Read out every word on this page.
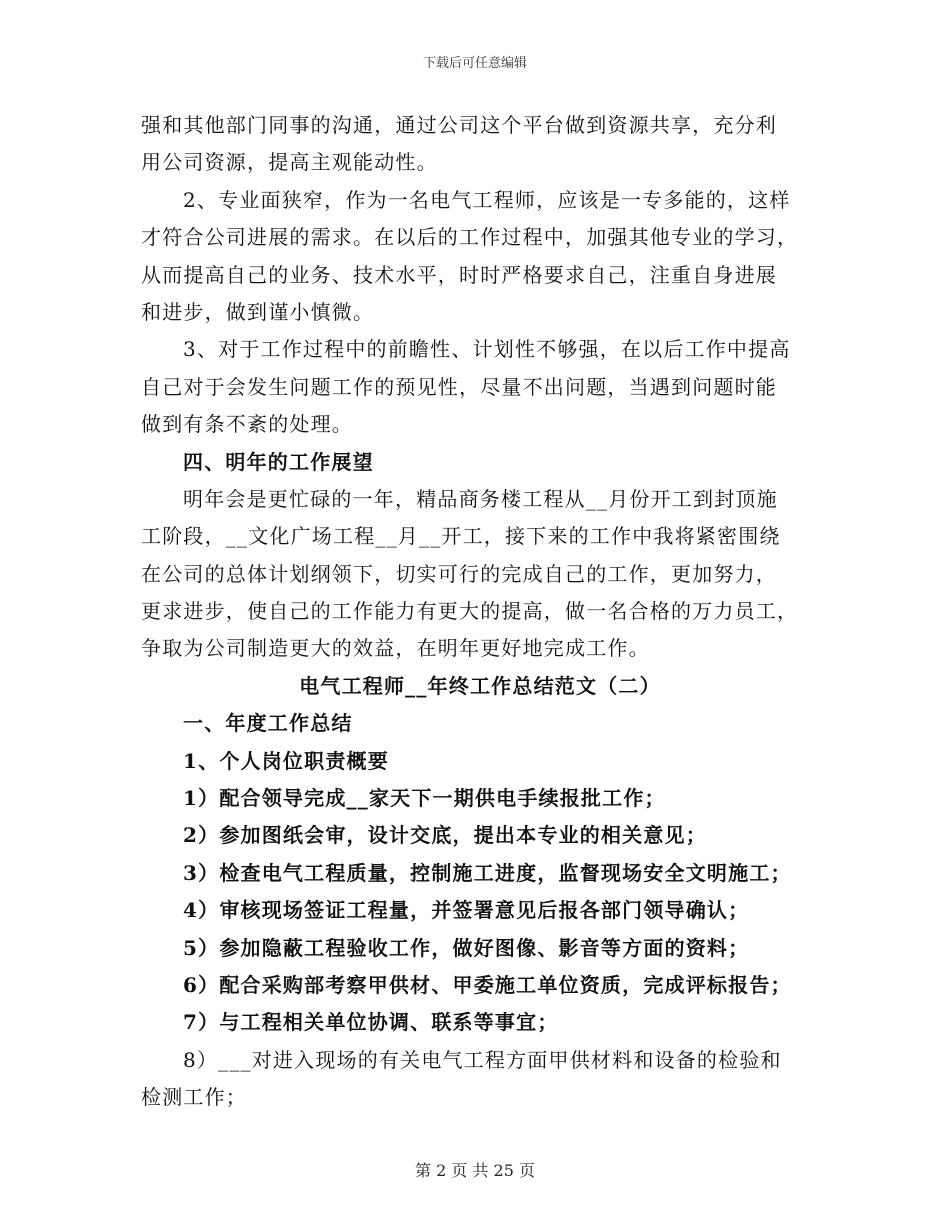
下载后可任意编辑
强和其他部门同事的沟通，通过公司这个平台做到资源共享，充分利
用公司资源，提高主观能动性。
2、专业面狭窄，作为一名电气工程师，应该是一专多能的，这样
才符合公司进展的需求。在以后的工作过程中，加强其他专业的学习，
从而提高自己的业务、技术水平，时时严格要求自己，注重自身进展
和进步，做到谨小慎微。
3、对于工作过程中的前瞻性、计划性不够强，在以后工作中提高
自己对于会发生问题工作的预见性，尽量不出问题，当遇到问题时能
做到有条不紊的处理。
四、明年的工作展望
明年会是更忙碌的一年，精品商务楼工程从__月份开工到封顶施
工阶段，__文化广场工程__月__开工，接下来的工作中我将紧密围绕
在公司的总体计划纲领下，切实可行的完成自己的工作，更加努力，
更求进步，使自己的工作能力有更大的提高，做一名合格的万力员工，
争取为公司制造更大的效益，在明年更好地完成工作。
电气工程师__年终工作总结范文（二）
一、年度工作总结
1、个人岗位职责概要
1）配合领导完成__家天下一期供电手续报批工作；
2）参加图纸会审，设计交底，提出本专业的相关意见；
3）检查电气工程质量，控制施工进度，监督现场安全文明施工；
4）审核现场签证工程量，并签署意见后报各部门领导确认；
5）参加隐蔽工程验收工作，做好图像、影音等方面的资料；
6）配合采购部考察甲供材、甲委施工单位资质，完成评标报告；
7）与工程相关单位协调、联系等事宜；
8）___对进入现场的有关电气工程方面甲供材料和设备的检验和
检测工作；
第 2 页 共 25 页
